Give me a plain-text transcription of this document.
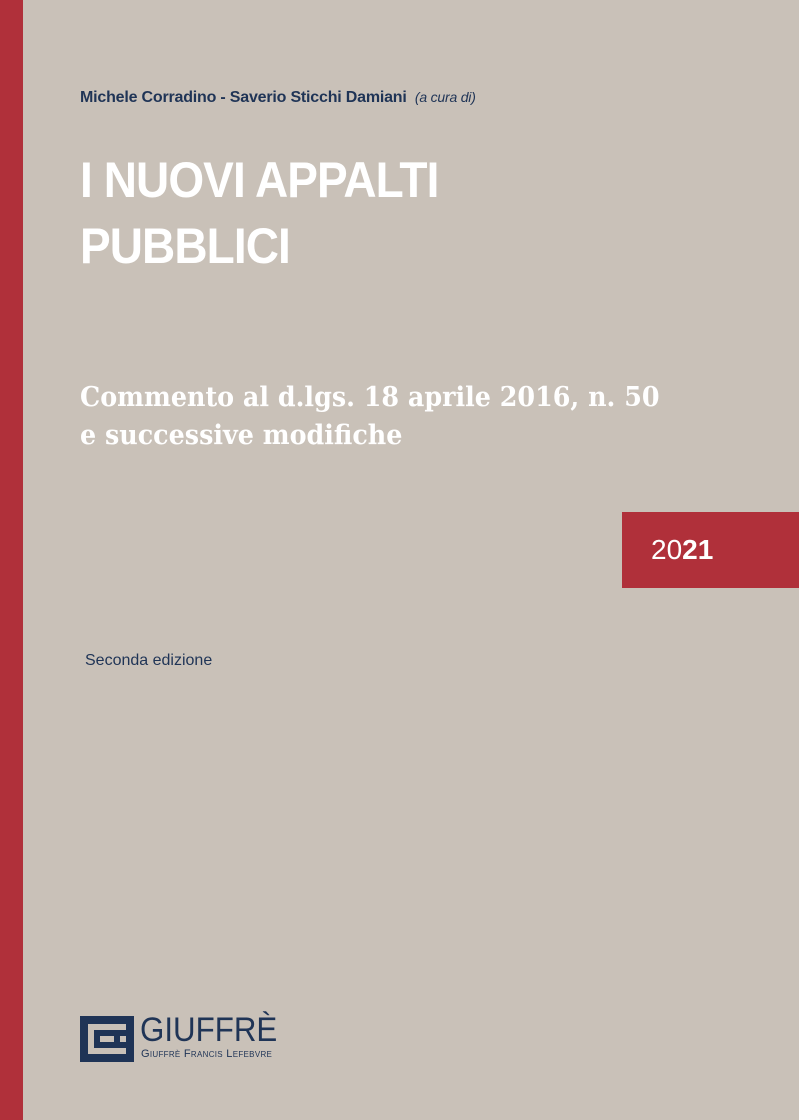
Michele Corradino - Saverio Sticchi Damiani (a cura di)
I NUOVI APPALTI
PUBBLICI
Commento al d.lgs. 18 aprile 2016, n. 50
e successive modifiche
2021
Seconda edizione
GIUFFRÈ
Giuffrè Francis Lefebvre
